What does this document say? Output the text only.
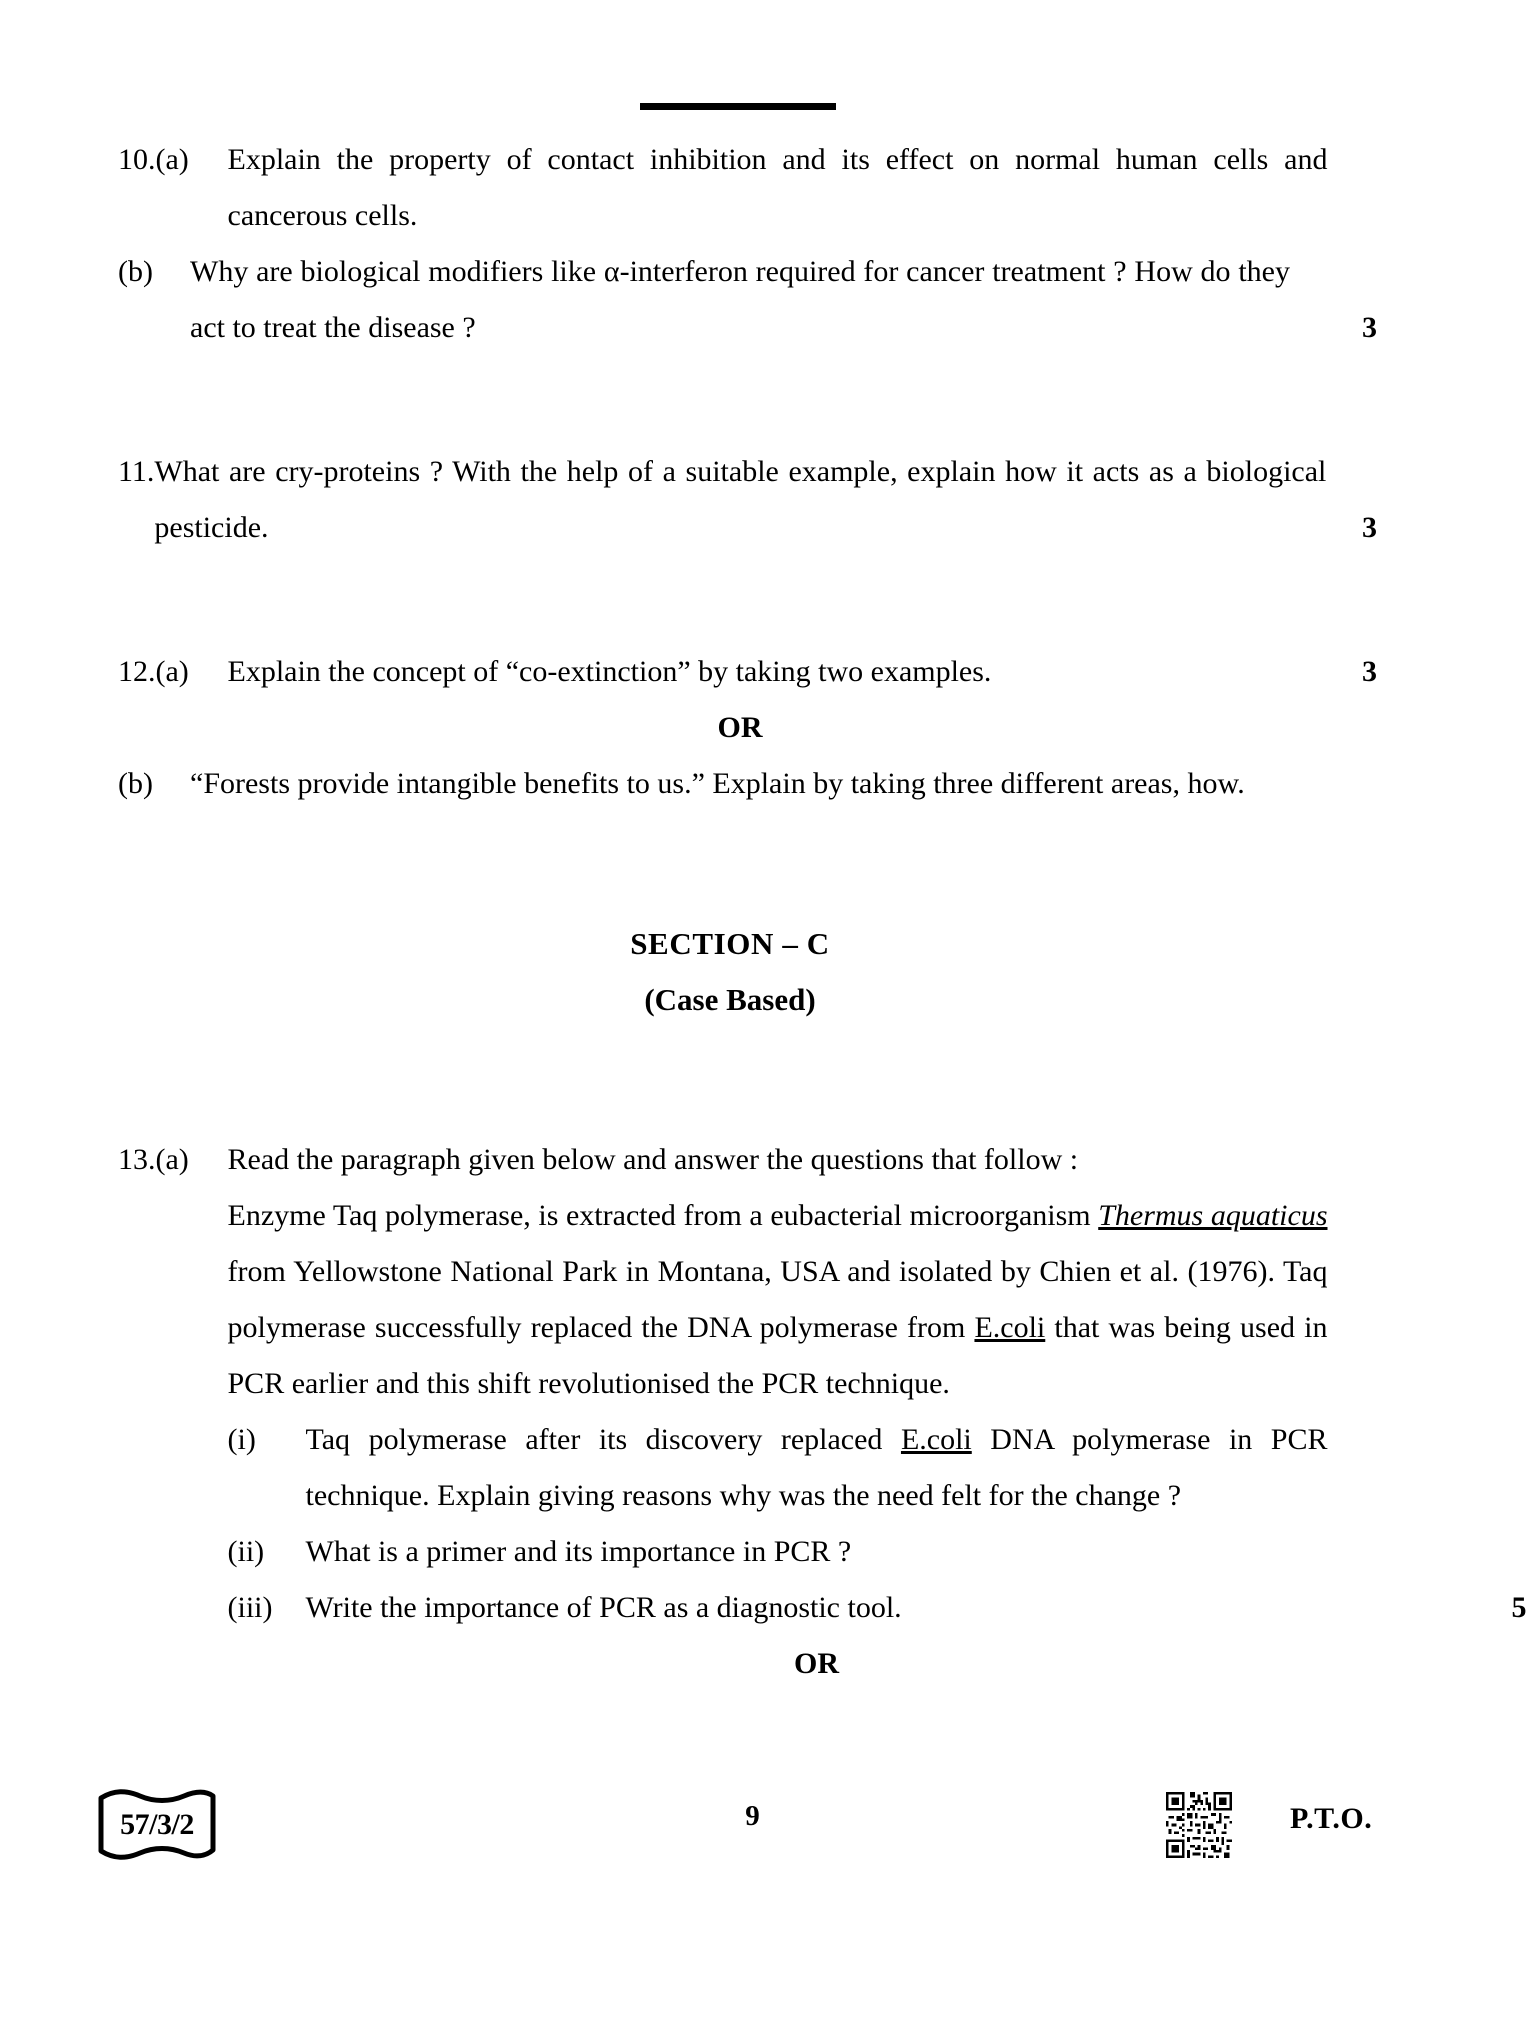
10. (a)	Explain the property of contact inhibition and its effect on normal human cells and cancerous cells.

(b)	Why are biological modifiers like α-interferon required for cancer treatment ? How do they act to treat the disease ?	3
11. What are cry-proteins ? With the help of a suitable example, explain how it acts as a biological pesticide.	3
12. (a)	Explain the concept of “co-extinction” by taking two examples.	3

OR
(b)	“Forests provide intangible benefits to us.” Explain by taking three different areas, how.

SECTION – C
(Case Based)
13. (a)	Read the paragraph given below and answer the questions that follow :

Enzyme Taq polymerase, is extracted from a eubacterial microorganism Thermus aquaticus from Yellowstone National Park in Montana, USA and isolated by Chien et al. (1976). Taq polymerase successfully replaced the DNA polymerase from E.coli that was being used in PCR earlier and this shift revolutionised the PCR technique.

(i)	Taq polymerase after its discovery replaced E.coli DNA polymerase in PCR technique. Explain giving reasons why was the need felt for the change ?

(ii)	What is a primer and its importance in PCR ?

(iii)	Write the importance of PCR as a diagnostic tool.	5
OR
57/3/2	9	P.T.O.
